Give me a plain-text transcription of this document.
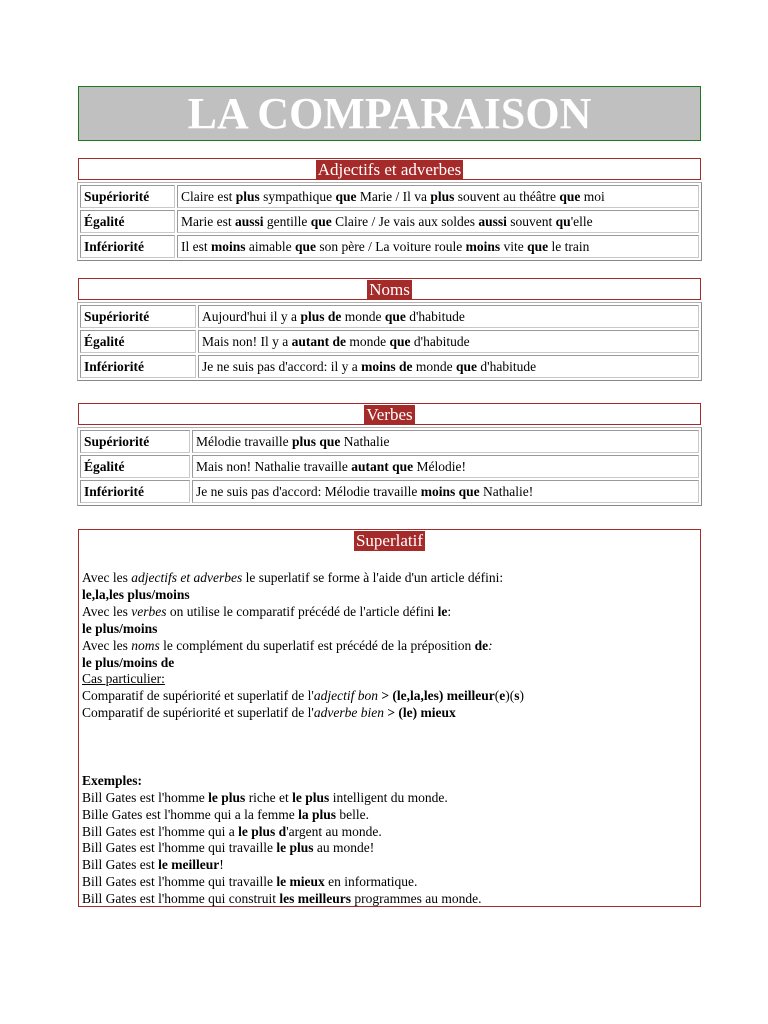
LA COMPARAISON
Adjectifs et adverbes
Supériorité	Claire est plus sympathique que Marie / Il va plus souvent au théâtre que moi
Égalité	Marie est aussi gentille que Claire / Je vais aux soldes aussi souvent qu'elle
Infériorité	Il est moins aimable que son père / La voiture roule moins vite que le train
Noms
Supériorité	Aujourd'hui il y a plus de monde que d'habitude
Égalité	Mais non! Il y a autant de monde que d'habitude
Infériorité	Je ne suis pas d'accord: il y a moins de monde que d'habitude
Verbes
Supériorité	Mélodie travaille plus que Nathalie
Égalité	Mais non! Nathalie travaille autant que Mélodie!
Infériorité	Je ne suis pas d'accord: Mélodie travaille moins que Nathalie!
Superlatif
Avec les adjectifs et adverbes le superlatif se forme à l'aide d'un article défini:
le,la,les plus/moins
Avec les verbes on utilise le comparatif précédé de l'article défini le:
le plus/moins
Avec les noms le complément du superlatif est précédé de la préposition de:
le plus/moins de
Cas particulier:
Comparatif de supériorité et superlatif de l'adjectif bon > (le,la,les) meilleur(e)(s)
Comparatif de supériorité et superlatif de l'adverbe bien > (le) mieux
Exemples:
Bill Gates est l'homme le plus riche et le plus intelligent du monde.
Bille Gates est l'homme qui a la femme la plus belle.
Bill Gates est l'homme qui a le plus d'argent au monde.
Bill Gates est l'homme qui travaille le plus au monde!
Bill Gates est le meilleur!
Bill Gates est l'homme qui travaille le mieux en informatique.
Bill Gates est l'homme qui construit les meilleurs programmes au monde.
